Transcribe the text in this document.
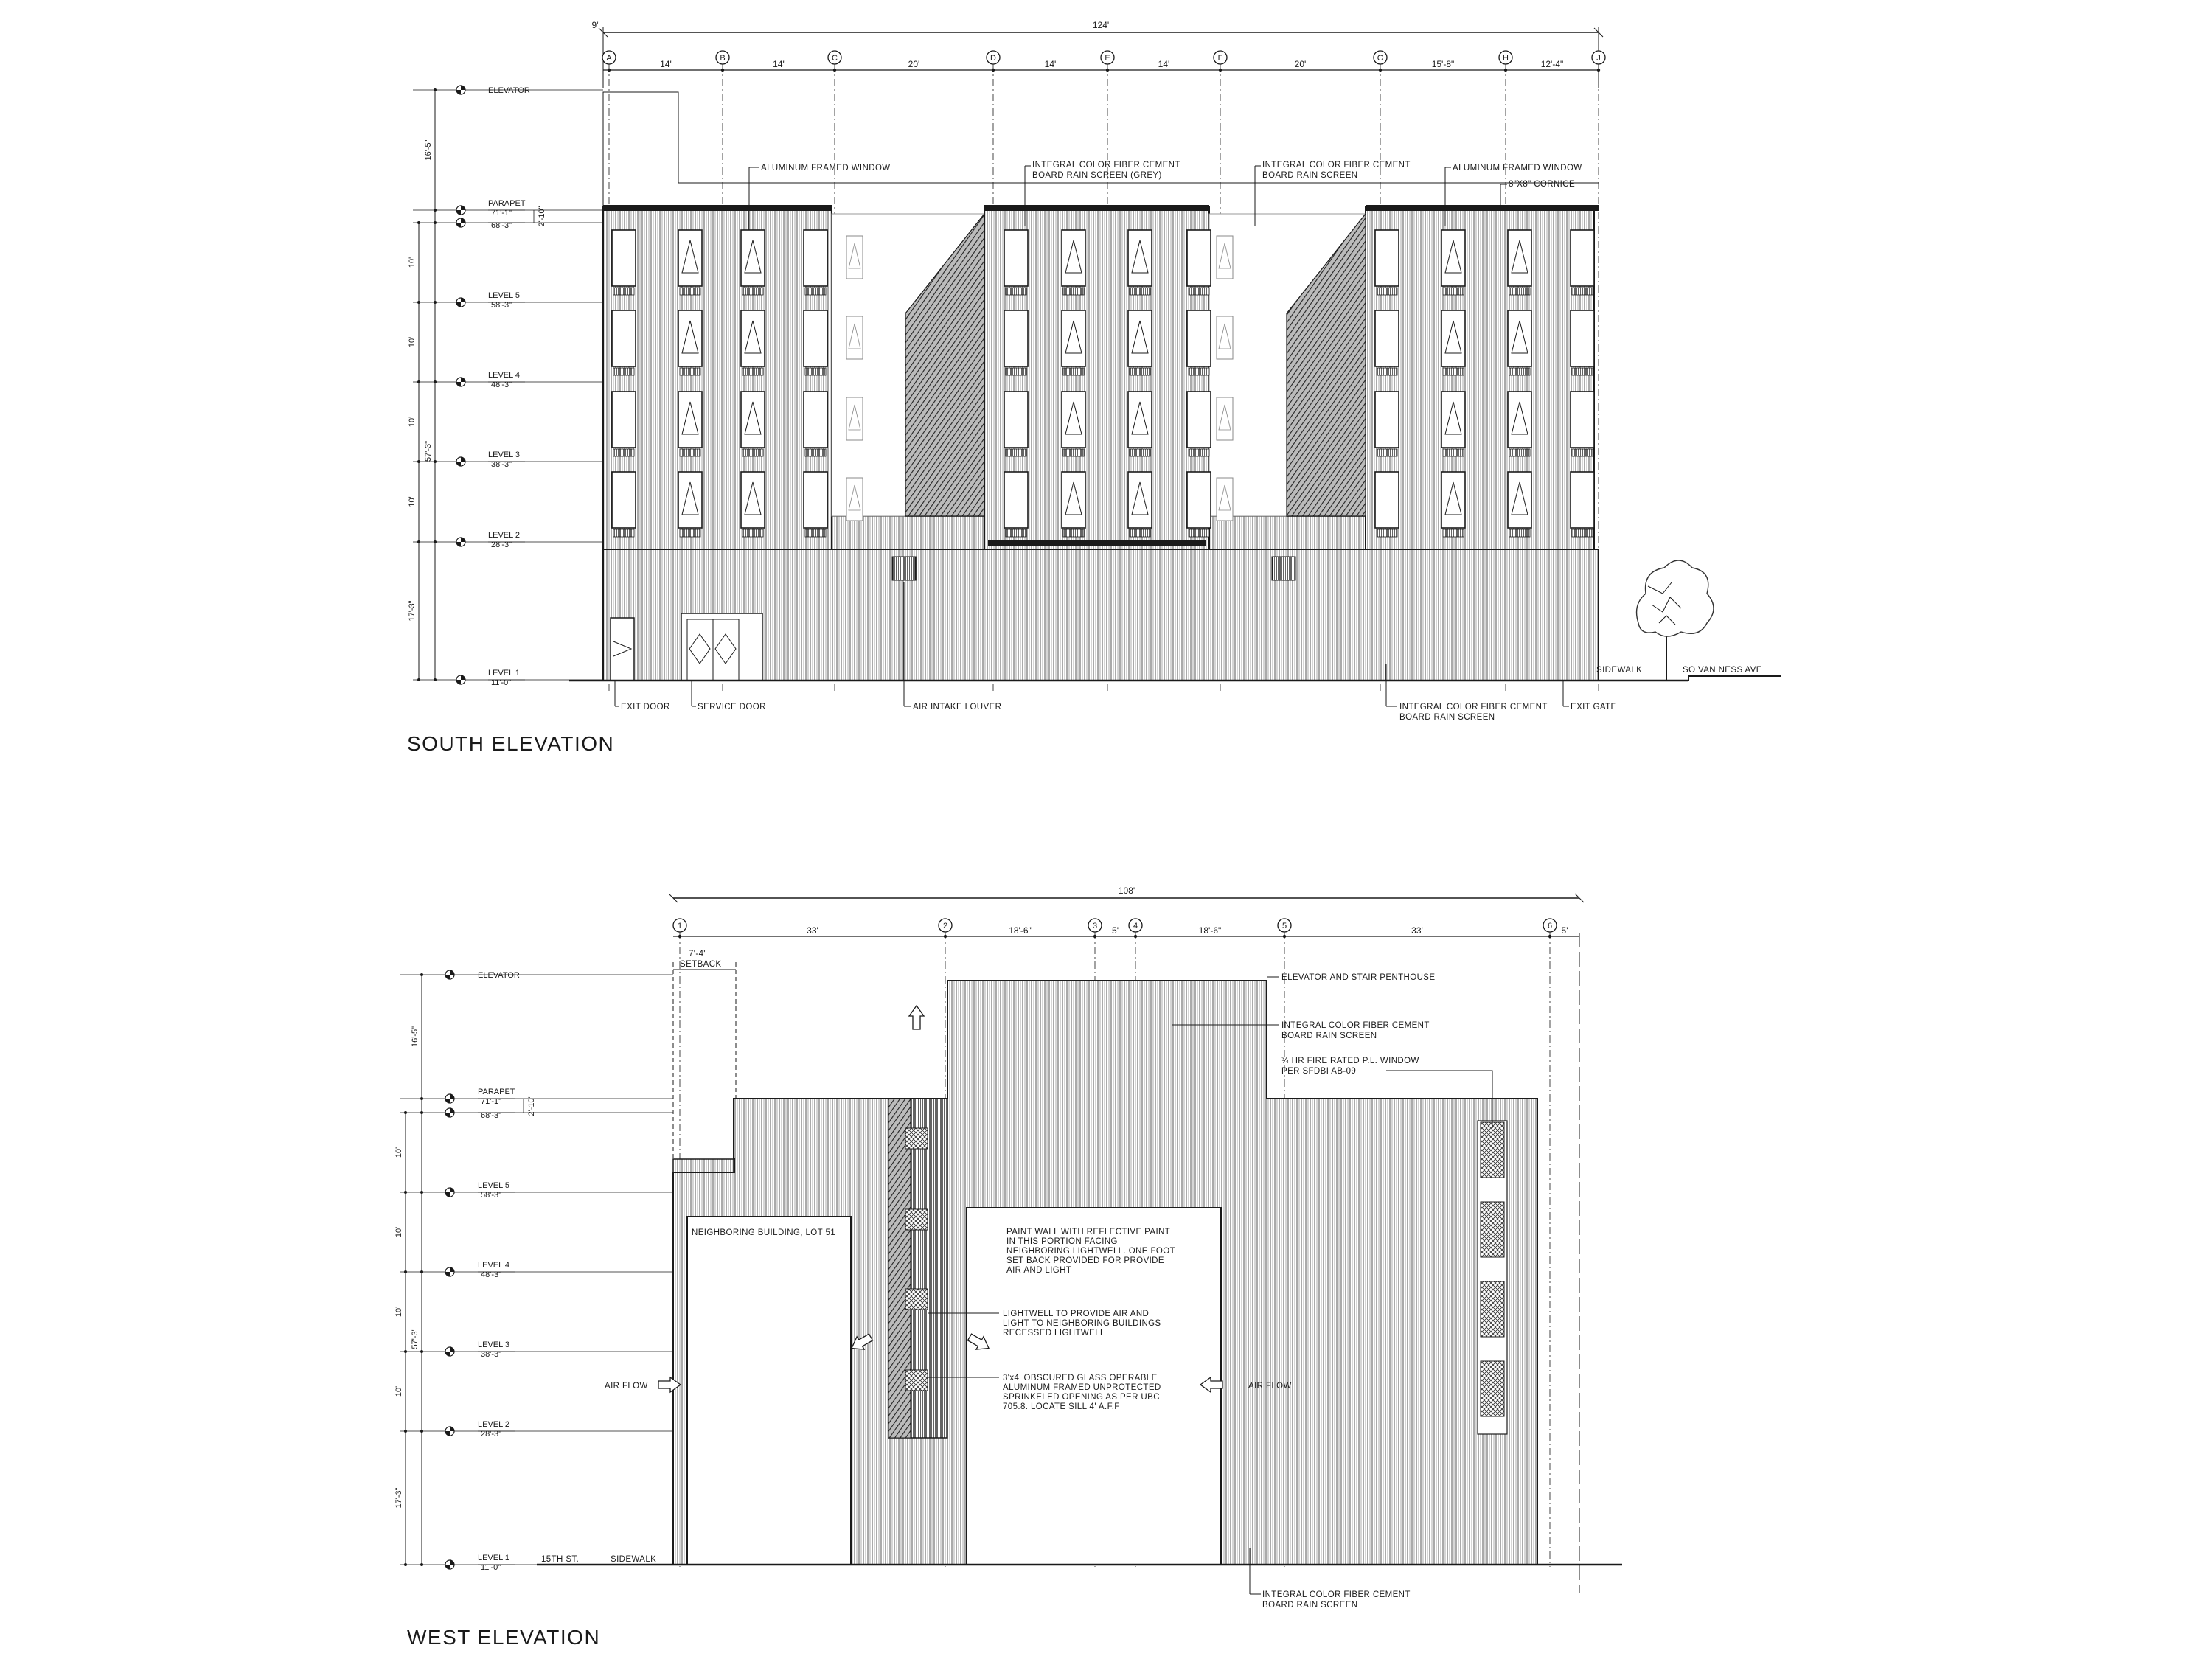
124'
9"
A	B	C	D	E	F	G	H	J
14'	14'	20'	14'	14'	20'	15'-8"	12'-4"
ELEVATOR
PARAPET
71'-1"
68'-3"
LEVEL 5
58'-3"
LEVEL 4
48'-3"
LEVEL 3
38'-3"
LEVEL 2
28'-3"
LEVEL 1
11'-0"
16'-5"
2'-10"
57'-3"
10'
10'
10'
10'
17'-3"
ALUMINUM FRAMED WINDOW	INTEGRAL COLOR FIBER CEMENT
BOARD RAIN SCREEN (GREY)
INTEGRAL COLOR FIBER CEMENT
BOARD RAIN SCREEN
ALUMINUM FRAMED WINDOW
8"X8" CORNICE
EXIT DOOR	SERVICE DOOR	AIR INTAKE LOUVER	INTEGRAL COLOR FIBER CEMENT
BOARD RAIN SCREEN
EXIT GATE
SIDEWALK	SO VAN NESS AVE
SOUTH ELEVATION
108'
1	2	3	4	5	6
33'	18'-6"	5'	18'-6"	33'	5'
7'-4"
SETBACK
ELEVATOR
PARAPET
71'-1"
68'-3"
LEVEL 5
58'-3"
LEVEL 4
48'-3"
LEVEL 3
38'-3"
LEVEL 2
28'-3"
LEVEL 1
11'-0"
16'-5"
2'-10"
57'-3"
10'
10'
10'
10'
17'-3"
ELEVATOR AND STAIR PENTHOUSE
INTEGRAL COLOR FIBER CEMENT
BOARD RAIN SCREEN
¾ HR FIRE RATED P.L. WINDOW
PER SFDBI AB-09
NEIGHBORING BUILDING, LOT 51	PAINT WALL WITH REFLECTIVE PAINT
IN THIS PORTION FACING
NEIGHBORING LIGHTWELL. ONE FOOT
SET BACK PROVIDED FOR PROVIDE
AIR AND LIGHT
LIGHTWELL TO PROVIDE AIR AND
LIGHT TO NEIGHBORING BUILDINGS
RECESSED LIGHTWELL
3'x4' OBSCURED GLASS OPERABLE
ALUMINUM FRAMED UNPROTECTED
SPRINKELED OPENING AS PER UBC
705.8. LOCATE SILL 4' A.F.F
AIR FLOW	AIR FLOW
15TH ST.	SIDEWALK
INTEGRAL COLOR FIBER CEMENT
BOARD RAIN SCREEN
WEST ELEVATION
